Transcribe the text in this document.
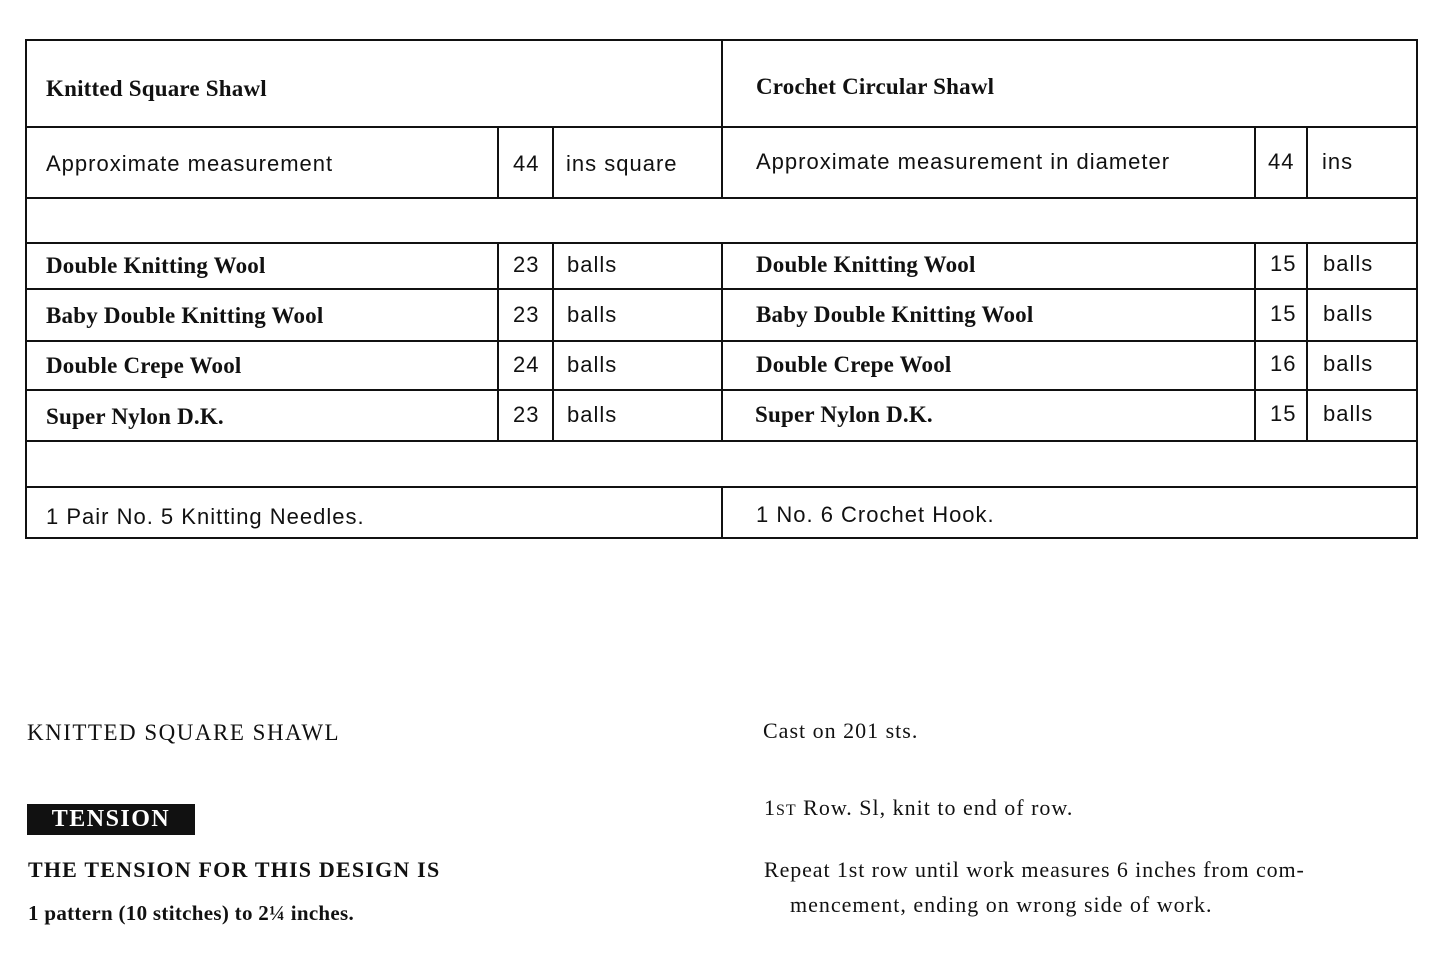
Knitted Square Shawl	Crochet Circular Shawl
Approximate measurement	44 ins square	Approximate measurement in diameter	44 ins
Double Knitting Wool	23 balls	Double Knitting Wool	15 balls
Baby Double Knitting Wool	23 balls	Baby Double Knitting Wool	15 balls
Double Crepe Wool	24 balls	Double Crepe Wool	16 balls
Super Nylon D.K.	23 balls	Super Nylon D.K.	15 balls
1 Pair No. 5 Knitting Needles.	1 No. 6 Crochet Hook.
KNITTED SQUARE SHAWL
TENSION
THE TENSION FOR THIS DESIGN IS
1 pattern (10 stitches) to 2¼ inches.
Cast on 201 sts.
1ST Row. Sl, knit to end of row.
Repeat 1st row until work measures 6 inches from com-
mencement, ending on wrong side of work.
